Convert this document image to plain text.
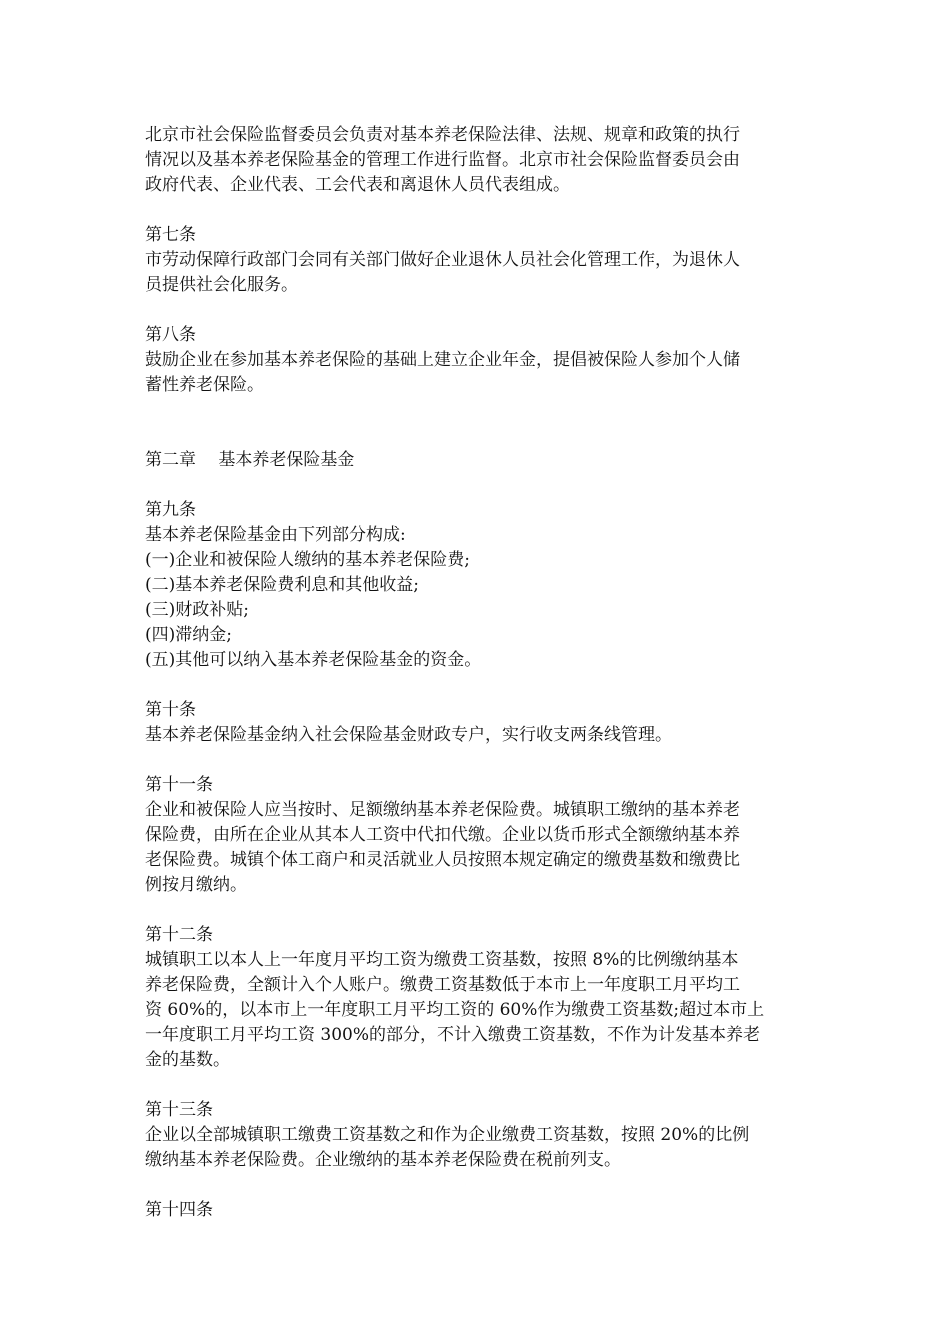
北京市社会保险监督委员会负责对基本养老保险法律、法规、规章和政策的执行
情况以及基本养老保险基金的管理工作进行监督。北京市社会保险监督委员会由
政府代表、企业代表、工会代表和离退休人员代表组成。
第七条
市劳动保障行政部门会同有关部门做好企业退休人员社会化管理工作，为退休人
员提供社会化服务。
第八条
鼓励企业在参加基本养老保险的基础上建立企业年金，提倡被保险人参加个人储
蓄性养老保险。
第二章　 基本养老保险基金
第九条
基本养老保险基金由下列部分构成:
(一)企业和被保险人缴纳的基本养老保险费;
(二)基本养老保险费利息和其他收益;
(三)财政补贴;
(四)滞纳金;
(五)其他可以纳入基本养老保险基金的资金。
第十条
基本养老保险基金纳入社会保险基金财政专户，实行收支两条线管理。
第十一条
企业和被保险人应当按时、足额缴纳基本养老保险费。城镇职工缴纳的基本养老
保险费，由所在企业从其本人工资中代扣代缴。企业以货币形式全额缴纳基本养
老保险费。城镇个体工商户和灵活就业人员按照本规定确定的缴费基数和缴费比
例按月缴纳。
第十二条
城镇职工以本人上一年度月平均工资为缴费工资基数，按照 8%的比例缴纳基本
养老保险费，全额计入个人账户。缴费工资基数低于本市上一年度职工月平均工
资 60%的，以本市上一年度职工月平均工资的 60%作为缴费工资基数;超过本市上
一年度职工月平均工资 300%的部分，不计入缴费工资基数，不作为计发基本养老
金的基数。
第十三条
企业以全部城镇职工缴费工资基数之和作为企业缴费工资基数，按照 20%的比例
缴纳基本养老保险费。企业缴纳的基本养老保险费在税前列支。
第十四条
